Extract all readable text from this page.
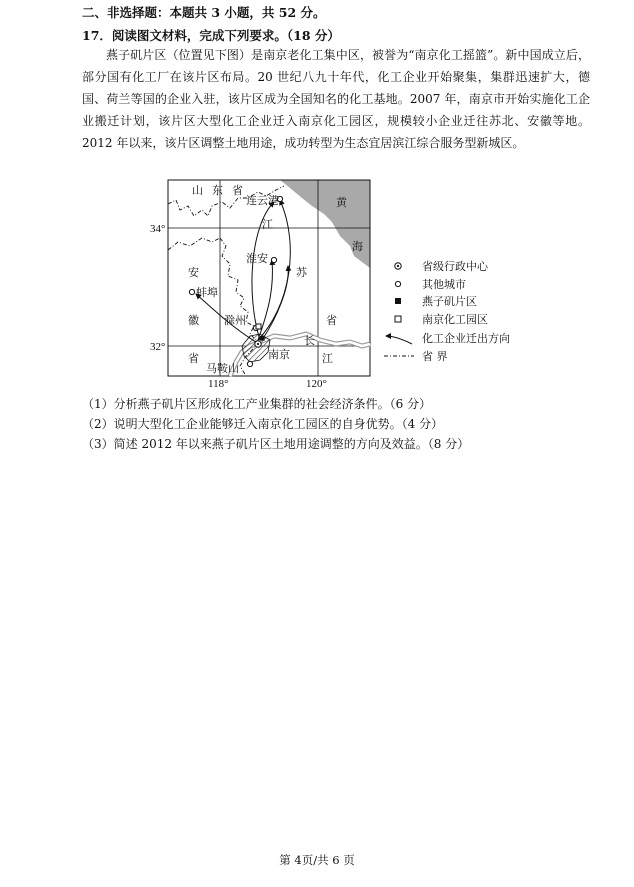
二、非选择题：本题共 3 小题，共 52 分。
17．阅读图文材料，完成下列要求。（18 分）
燕子矶片区（位置见下图）是南京老化工集中区，被誉为“南京化工摇篮”。新中国成立后，部分国有化工厂在该片区布局。20 世纪八九十年代，化工企业开始聚集，集群迅速扩大，德国、荷兰等国的企业入驻，该片区成为全国知名的化工基地。2007 年，南京市开始实施化工企业搬迁计划，该片区大型化工企业迁入南京化工园区，规模较小企业迁往苏北、安徽等地。2012 年以来，该片区调整土地用途，成功转型为生态宜居滨江综合服务型新城区。
山 东 省
江
苏
省
安
徽
省
黄
海
长
江
连云港
淮安
蚌埠
滁州
南京
马鞍山
34°
32°
118°	120°
省级行政中心
其他城市
燕子矶片区
南京化工园区
化工企业迁出方向
省 界
（1）分析燕子矶片区形成化工产业集群的社会经济条件。（6 分）
（2）说明大型化工企业能够迁入南京化工园区的自身优势。（4 分）
（3）简述 2012 年以来燕子矶片区土地用途调整的方向及效益。（8 分）
第 4页/共 6 页
